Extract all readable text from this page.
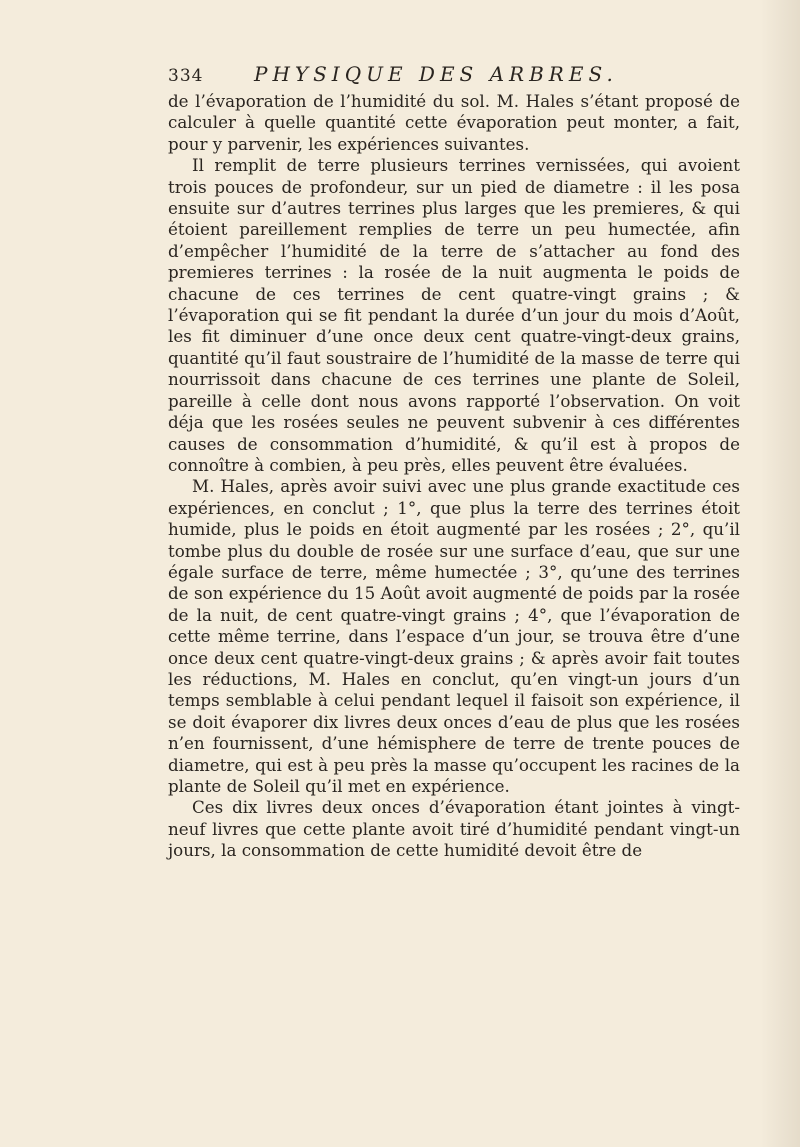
334	PHYSIQUE DES ARBRES.

de l’évaporation de l’humidité du sol. M. Hales s’étant proposé de calculer à quelle quantité cette évaporation peut monter, a fait, pour y parvenir, les expériences suivantes.

Il remplit de terre plusieurs terrines vernissées, qui avoient trois pouces de profondeur, sur un pied de diametre : il les posa ensuite sur d’autres terrines plus larges que les premieres, & qui étoient pareillement remplies de terre un peu humectée, afin d’empêcher l’humidité de la terre de s’attacher au fond des premieres terrines : la rosée de la nuit augmenta le poids de chacune de ces terrines de cent quatre-vingt grains ; & l’évaporation qui se fit pendant la durée d’un jour du mois d’Août, les fit diminuer d’une once deux cent quatre-vingt-deux grains, quantité qu’il faut soustraire de l’humidité de la masse de terre qui nourrissoit dans chacune de ces terrines une plante de Soleil, pareille à celle dont nous avons rapporté l’observation. On voit déja que les rosées seules ne peuvent subvenir à ces différentes causes de consommation d’humidité, & qu’il est à propos de connoître à combien, à peu près, elles peuvent être évaluées.

M. Hales, après avoir suivi avec une plus grande exactitude ces expériences, en conclut ; 1°, que plus la terre des terrines étoit humide, plus le poids en étoit augmenté par les rosées ; 2°, qu’il tombe plus du double de rosée sur une surface d’eau, que sur une égale surface de terre, même humectée ; 3°, qu’une des terrines de son expérience du 15 Août avoit augmenté de poids par la rosée de la nuit, de cent quatre-vingt grains ; 4°, que l’évaporation de cette même terrine, dans l’espace d’un jour, se trouva être d’une once deux cent quatre-vingt-deux grains ; & après avoir fait toutes les réductions, M. Hales en conclut, qu’en vingt-un jours d’un temps semblable à celui pendant lequel il faisoit son expérience, il se doit évaporer dix livres deux onces d’eau de plus que les rosées n’en fournissent, d’une hémisphere de terre de trente pouces de diametre, qui est à peu près la masse qu’occupent les racines de la plante de Soleil qu’il met en expérience.

Ces dix livres deux onces d’évaporation étant jointes à vingt-neuf livres que cette plante avoit tiré d’humidité pendant vingt-un jours, la consommation de cette humidité devoit être de
